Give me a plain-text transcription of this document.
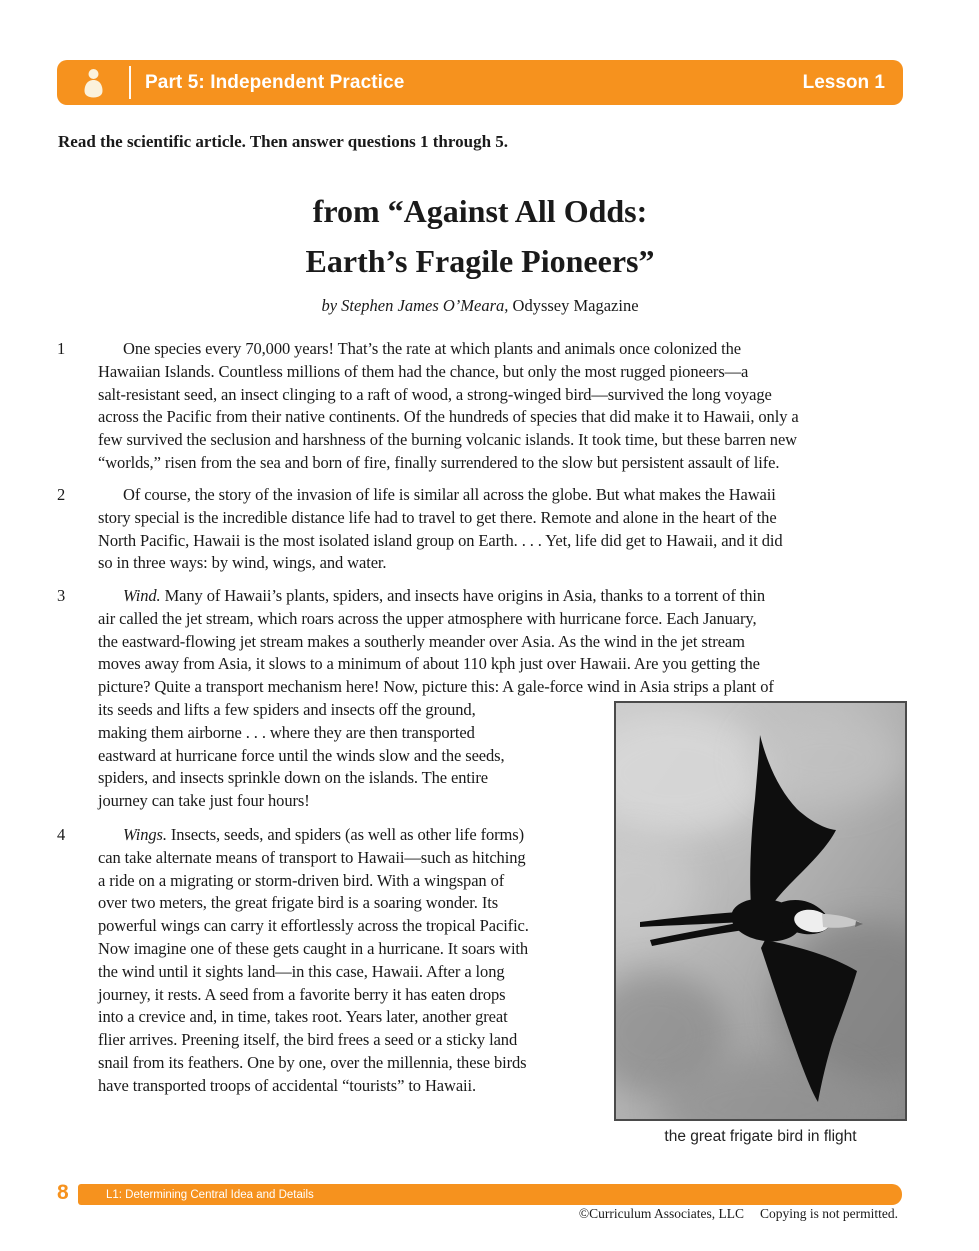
Part 5: Independent Practice	Lesson 1
Read the scientific article. Then answer questions 1 through 5.
from “Against All Odds:
Earth’s Fragile Pioneers”
by Stephen James O’Meara, Odyssey Magazine
1	One species every 70,000 years! That’s the rate at which plants and animals once colonized the
Hawaiian Islands. Countless millions of them had the chance, but only the most rugged pioneers—a
salt-resistant seed, an insect clinging to a raft of wood, a strong-winged bird—survived the long voyage
across the Pacific from their native continents. Of the hundreds of species that did make it to Hawaii, only a
few survived the seclusion and harshness of the burning volcanic islands. It took time, but these barren new
“worlds,” risen from the sea and born of fire, finally surrendered to the slow but persistent assault of life.
2	Of course, the story of the invasion of life is similar all across the globe. But what makes the Hawaii
story special is the incredible distance life had to travel to get there. Remote and alone in the heart of the
North Pacific, Hawaii is the most isolated island group on Earth. . . . Yet, life did get to Hawaii, and it did
so in three ways: by wind, wings, and water.
3	Wind. Many of Hawaii’s plants, spiders, and insects have origins in Asia, thanks to a torrent of thin
air called the jet stream, which roars across the upper atmosphere with hurricane force. Each January,
the eastward-flowing jet stream makes a southerly meander over Asia. As the wind in the jet stream
moves away from Asia, it slows to a minimum of about 110 kph just over Hawaii. Are you getting the
picture? Quite a transport mechanism here! Now, picture this: A gale-force wind in Asia strips a plant of
its seeds and lifts a few spiders and insects off the ground,
making them airborne . . . where they are then transported
eastward at hurricane force until the winds slow and the seeds,
spiders, and insects sprinkle down on the islands. The entire
journey can take just four hours!
4	Wings. Insects, seeds, and spiders (as well as other life forms)
can take alternate means of transport to Hawaii—such as hitching
a ride on a migrating or storm-driven bird. With a wingspan of
over two meters, the great frigate bird is a soaring wonder. Its
powerful wings can carry it effortlessly across the tropical Pacific.
Now imagine one of these gets caught in a hurricane. It soars with
the wind until it sights land—in this case, Hawaii. After a long
journey, it rests. A seed from a favorite berry it has eaten drops
into a crevice and, in time, takes root. Years later, another great
flier arrives. Preening itself, the bird frees a seed or a sticky land
snail from its feathers. One by one, over the millennia, these birds
have transported troops of accidental “tourists” to Hawaii.
the great frigate bird in flight
8	L1: Determining Central Idea and Details
©Curriculum Associates, LLC Copying is not permitted.
